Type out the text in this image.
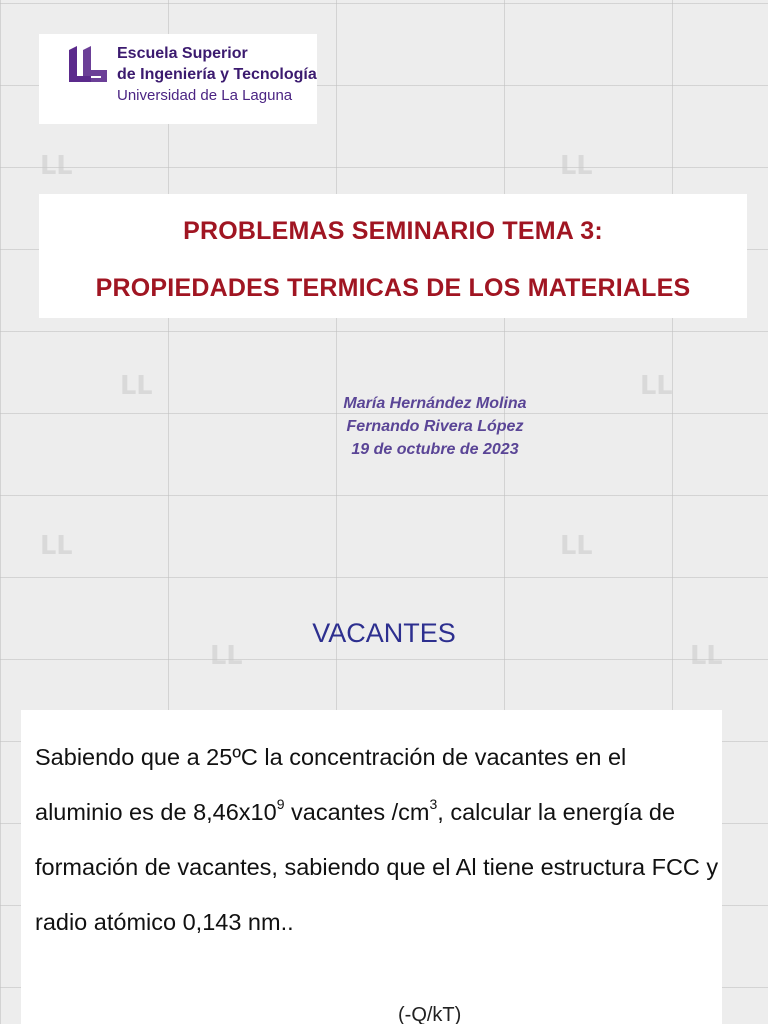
ᒪᒪ	ᒪᒪ
ᒪᒪ	ᒪᒪ
ᒪᒪ	ᒪᒪ
ᒪᒪ	ᒪᒪ
Escuela Superior
de Ingeniería y Tecnología
Universidad de La Laguna
PROBLEMAS SEMINARIO TEMA 3:
PROPIEDADES TERMICAS DE LOS MATERIALES
María Hernández Molina
Fernando Rivera López
19 de octubre de 2023
VACANTES
Sabiendo que a 25ºC la concentración de vacantes en el aluminio es de $8,46x10^9$ vacantes $/cm^3$, calcular la energía de formación de vacantes, sabiendo que el Al tiene estructura FCC y radio atómico 0,143 nm..
(-Q/kT)
